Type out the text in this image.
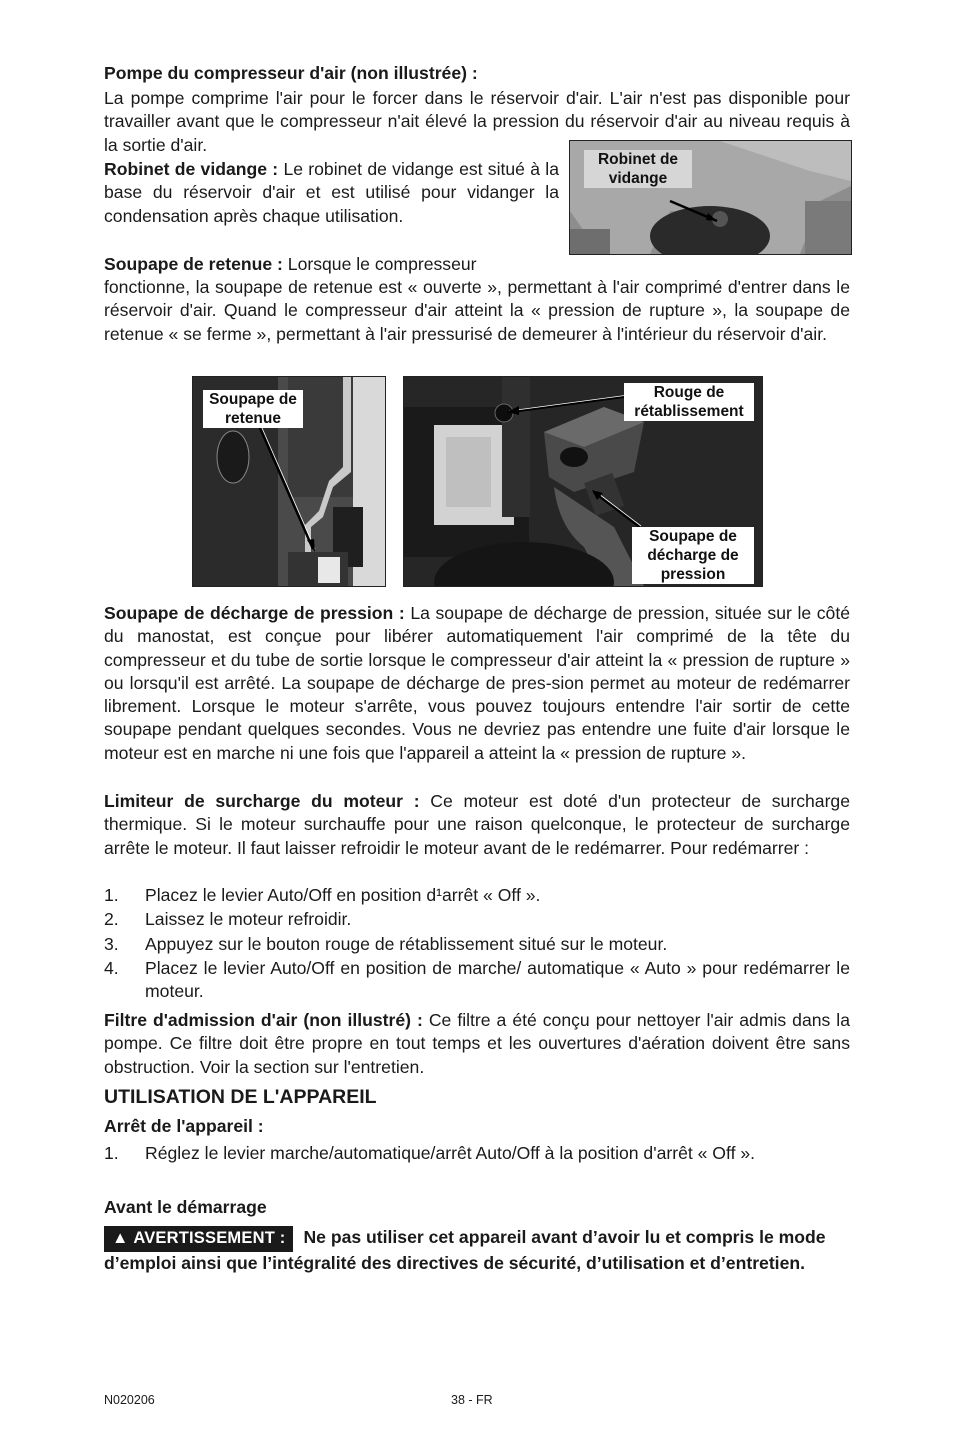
Pompe du compresseur d'air (non illustrée) :
La pompe comprime l'air pour le forcer dans le réservoir d'air. L'air n'est pas disponible pour travailler avant que le compresseur n'ait élevé la pression du réservoir d'air au niveau requis à la sortie d'air.
Robinet de vidange
Robinet de vidange : Le robinet de vidange est situé à la base du réservoir d'air et est utilisé pour vidanger la condensation après chaque utilisation.
Soupape de retenue : Lorsque le compresseur
fonctionne, la soupape de retenue est « ouverte », permettant à l'air comprimé d'entrer dans le réservoir d'air. Quand le compresseur d'air atteint la « pression de rupture », la soupape de retenue « se ferme », permettant à l'air pressurisé de demeurer à l'intérieur du réservoir d'air.
Soupape de retenue
Rouge de rétablissement
Soupape de décharge de pression
Soupape de décharge de pression : La soupape de décharge de pression, située sur le côté du manostat, est conçue pour libérer automatiquement l'air comprimé de la tête du compresseur et du tube de sortie lorsque le compresseur d'air atteint la « pression de rupture » ou lorsqu'il est arrêté. La soupape de décharge de pres-sion permet au moteur de redémarrer librement. Lorsque le moteur s'arrête, vous pouvez toujours entendre l'air sortir de cette soupape pendant quelques secondes. Vous ne devriez pas entendre une fuite d'air lorsque le moteur est en marche ni une fois que l'appareil a atteint la « pression de rupture ».
Limiteur de surcharge du moteur : Ce moteur est doté d'un protecteur de surcharge thermique. Si le moteur surchauffe pour une raison quelconque, le protecteur de surcharge arrête le moteur. Il faut laisser refroidir le moteur avant de le redémarrer. Pour redémarrer :
1. Placez le levier Auto/Off en position d¹arrêt « Off ».
2. Laissez le moteur refroidir.
3. Appuyez sur le bouton rouge de rétablissement situé sur le moteur.
4. Placez le levier Auto/Off en position de marche/ automatique « Auto » pour redémarrer le moteur.
Filtre d'admission d'air (non illustré) : Ce filtre a été conçu pour nettoyer l'air admis dans la pompe. Ce filtre doit être propre en tout temps et les ouvertures d'aération doivent être sans obstruction. Voir la section sur l'entretien.
UTILISATION DE L'APPAREIL
Arrêt de l'appareil :
1. Réglez le levier marche/automatique/arrêt Auto/Off à la position d'arrêt « Off ».
Avant le démarrage
▲ AVERTISSEMENT : Ne pas utiliser cet appareil avant d’avoir lu et compris le mode d’emploi ainsi que l’intégralité des directives de sécurité, d’utilisation et d’entretien.
N020206	38 - FR
